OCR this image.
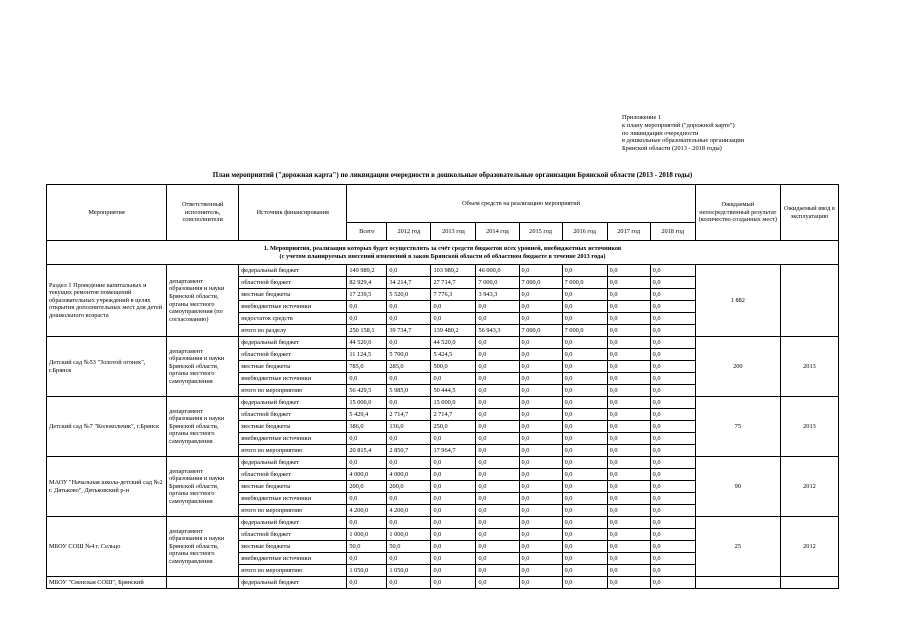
Приложение 1
к плану мероприятий ("дорожной карте")
по ликвидации очередности
в дошкольные образовательные организации
Брянской области (2013 - 2018 годы)
План мероприятий ("дорожная карта") по ликвидации очередности в дошкольные образовательные организации Брянской области (2013 - 2018 годы)
Мероприятия	Ответственный исполнитель, соисполнители	Источник финансирования	Объем средств на реализацию мероприятий								Ожидаемый непосредственный результат (количество созданных мест)	Ожидаемый ввод в эксплуатацию
			Всего	2012 год	2013 год	2014 год	2015 год	2016 год	2017 год	2018 год		

1. Мероприятия, реализация которых будет осуществлять за счёт средств бюджетов всех уровней, внебюджетных источников
(с учетом планируемых внесений изменений в закон Брянской области об областном бюджете в течение 2013 года)												

Раздел 1 Проведение капитальных и текущих ремонтов помещений образовательных учреждений в целях открытия дополнительных мест для детей дошкольного возраста	департамент образования и науки Брянской области, органы местного самоуправления (по согласованию)	федеральный бюджет	149 989,2	0,0	103 989,2	46 000,0	0,0	0,0	0,0	0,0	1 882	
		областной бюджет	82 929,4	34 214,7	27 714,7	7 000,0	7 000,0	7 000,0	0,0	0,0		
		местные бюджеты	17 239,5	5 520,0	7 776,3	3 943,3	0,0	0,0	0,0	0,0		
		внебюджетные источники	0,0	0,0	0,0	0,0	0,0	0,0	0,0	0,0		
		недостаток средств	0,0	0,0	0,0	0,0	0,0	0,0	0,0	0,0		
		итого по разделу	250 158,1	39 734,7	139 480,2	56 943,3	7 000,0	7 000,0	0,0	0,0		
Детский сад №53 "Золотой огонек", г.Брянск	департамент образования и науки Брянской области, органы местного самоуправления	федеральный бюджет	44 520,0	0,0	44 520,0	0,0	0,0	0,0	0,0	0,0	200	2013
		областной бюджет	11 124,5	5 700,0	5 424,5	0,0	0,0	0,0	0,0	0,0		
		местные бюджеты	785,0	285,0	500,0	0,0	0,0	0,0	0,0	0,0		
		внебюджетные источники	0,0	0,0	0,0	0,0	0,0	0,0	0,0	0,0		
		итого по мероприятию	56 429,5	5 985,0	50 444,5	0,0	0,0	0,0	0,0	0,0		
Детский сад №7 "Колокольчик", г.Брянск	департамент образования и науки Брянской области, органы местного самоуправления	федеральный бюджет	15 000,0	0,0	15 000,0	0,0	0,0	0,0	0,0	0,0	75	2013
		областной бюджет	5 429,4	2 714,7	2 714,7	0,0	0,0	0,0	0,0	0,0		
		местные бюджеты	386,0	136,0	250,0	0,0	0,0	0,0	0,0	0,0		
		внебюджетные источники	0,0	0,0	0,0	0,0	0,0	0,0	0,0	0,0		
		итого по мероприятию	20 815,4	2 850,7	17 964,7	0,0	0,0	0,0	0,0	0,0		
МАОУ "Начальная школа-детский сад №2 г. Дятьково", Дятьковский р-н	департамент образования и науки Брянской области, органы местного самоуправления	федеральный бюджет	0,0	0,0	0,0	0,0	0,0	0,0	0,0	0,0	90	2012
		областной бюджет	4 000,0	4 000,0	0,0	0,0	0,0	0,0	0,0	0,0		
		местные бюджеты	200,0	200,0	0,0	0,0	0,0	0,0	0,0	0,0		
		внебюджетные источники	0,0	0,0	0,0	0,0	0,0	0,0	0,0	0,0		
		итого по мероприятию	4 200,0	4 200,0	0,0	0,0	0,0	0,0	0,0	0,0		
МБОУ СОШ №4 г. Сельцо	департамент образования и науки Брянской области, органы местного самоуправления	федеральный бюджет	0,0	0,0	0,0	0,0	0,0	0,0	0,0	0,0	25	2012
		областной бюджет	1 000,0	1 000,0	0,0	0,0	0,0	0,0	0,0	0,0		
		местные бюджеты	50,0	50,0	0,0	0,0	0,0	0,0	0,0	0,0		
		внебюджетные источники	0,0	0,0	0,0	0,0	0,0	0,0	0,0	0,0		
		итого по мероприятию	1 050,0	1 050,0	0,0	0,0	0,0	0,0	0,0	0,0		
МБОУ "Свенская СОШ", Брянский		федеральный бюджет	0,0	0,0	0,0	0,0	0,0	0,0	0,0	0,0		
